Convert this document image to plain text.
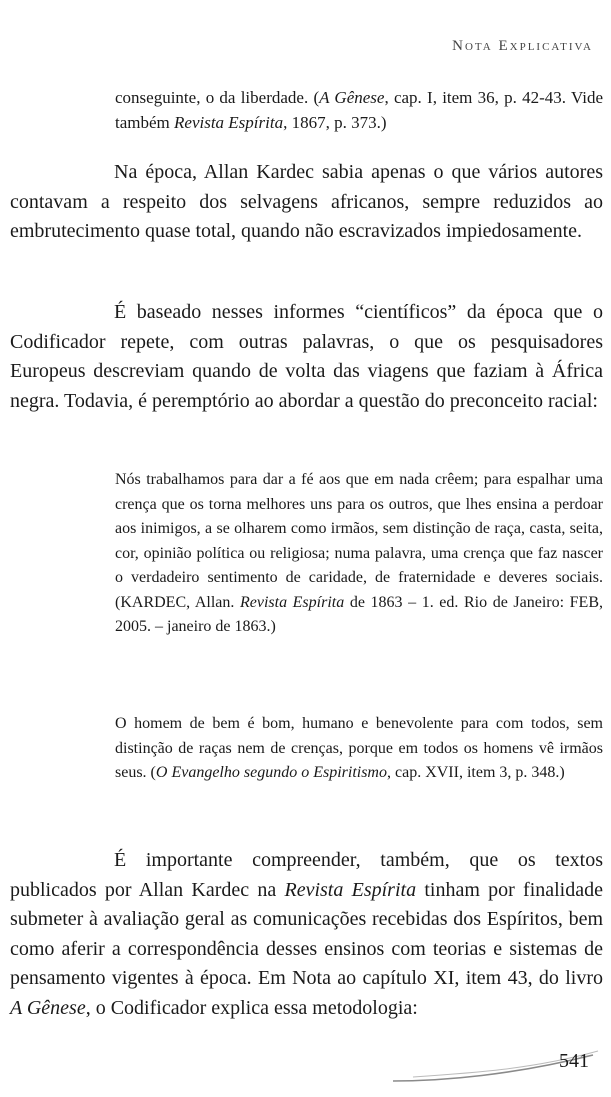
Nota Explicativa
conseguinte, o da liberdade. (A Gênese, cap. I, item 36, p. 42-43. Vide também Revista Espírita, 1867, p. 373.)
Na época, Allan Kardec sabia apenas o que vários autores contavam a respeito dos selvagens africanos, sempre reduzidos ao embrutecimento quase total, quando não escravizados impiedosamente.
É baseado nesses informes “científicos” da época que o Codificador repete, com outras palavras, o que os pesquisadores Europeus descreviam quando de volta das viagens que faziam à África negra. Todavia, é peremptório ao abordar a questão do preconceito racial:
Nós trabalhamos para dar a fé aos que em nada crêem; para espalhar uma crença que os torna melhores uns para os outros, que lhes ensina a perdoar aos inimigos, a se olharem como irmãos, sem distinção de raça, casta, seita, cor, opinião política ou religiosa; numa palavra, uma crença que faz nascer o verdadeiro sentimento de caridade, de fraternidade e deveres sociais. (KARDEC, Allan. Revista Espírita de 1863 – 1. ed. Rio de Janeiro: FEB, 2005. – janeiro de 1863.)
O homem de bem é bom, humano e benevolente para com todos, sem distinção de raças nem de crenças, porque em todos os homens vê irmãos seus. (O Evangelho segundo o Espiritismo, cap. XVII, item 3, p. 348.)
É importante compreender, também, que os textos publicados por Allan Kardec na Revista Espírita tinham por finalidade submeter à avaliação geral as comunicações recebidas dos Espíritos, bem como aferir a correspondência desses ensinos com teorias e sistemas de pensamento vigentes à época. Em Nota ao capítulo XI, item 43, do livro A Gênese, o Codificador explica essa metodologia:
541
